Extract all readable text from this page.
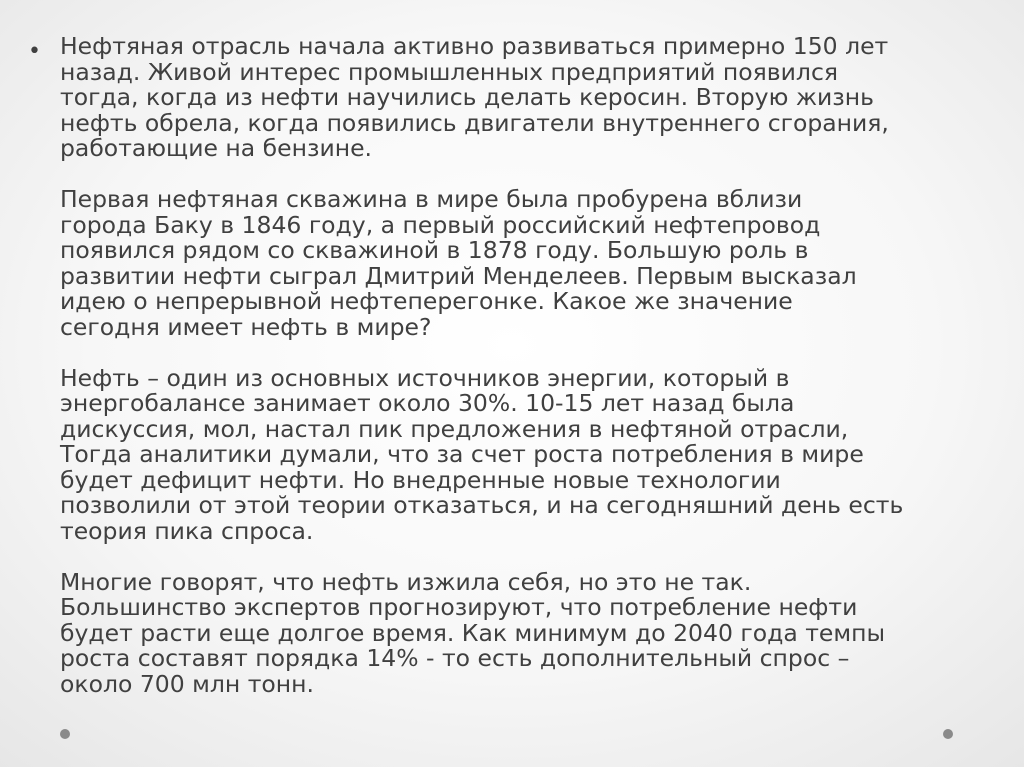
• Нефтяная отрасль начала активно развиваться примерно 150 лет
назад. Живой интерес промышленных предприятий появился
тогда, когда из нефти научились делать керосин. Вторую жизнь
нефть обрела, когда появились двигатели внутреннего сгорания,
работающие на бензине.

Первая нефтяная скважина в мире была пробурена вблизи
города Баку в 1846 году, а первый российский нефтепровод
появился рядом со скважиной в 1878 году. Большую роль в
развитии нефти сыграл Дмитрий Менделеев. Первым высказал
идею о непрерывной нефтеперегонке. Какое же значение
сегодня имеет нефть в мире?

Нефть – один из основных источников энергии, который в
энергобалансе занимает около 30%. 10-15 лет назад была
дискуссия, мол, настал пик предложения в нефтяной отрасли,
Тогда аналитики думали, что за счет роста потребления в мире
будет дефицит нефти. Но внедренные новые технологии
позволили от этой теории отказаться, и на сегодняшний день есть
теория пика спроса.

Многие говорят, что нефть изжила себя, но это не так.
Большинство экспертов прогнозируют, что потребление нефти
будет расти еще долгое время. Как минимум до 2040 года темпы
роста составят порядка 14% - то есть дополнительный спрос –
около 700 млн тонн.
